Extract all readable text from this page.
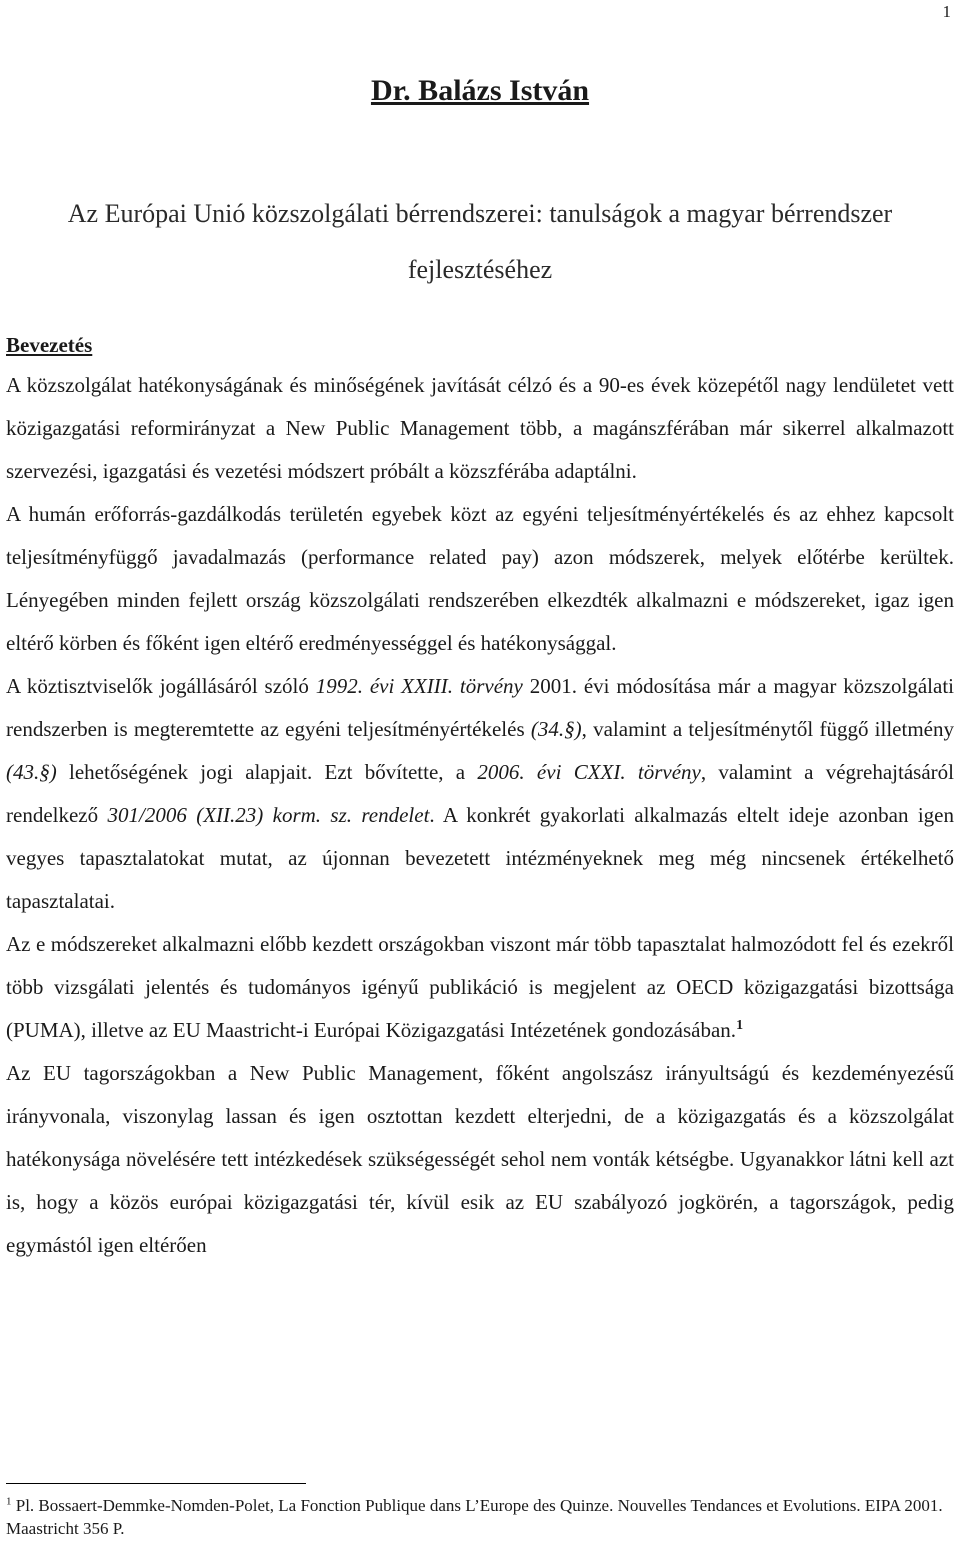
1
Dr. Balázs István
Az Európai Unió közszolgálati bérrendszerei: tanulságok a magyar bérrendszer fejlesztéséhez
Bevezetés

A közszolgálat hatékonyságának és minőségének javítását célzó és a 90-es évek közepétől nagy lendületet vett közigazgatási reformirányzat a New Public Management több, a magánszférában már sikerrel alkalmazott szervezési, igazgatási és vezetési módszert próbált a közszférába adaptálni.

A humán erőforrás-gazdálkodás területén egyebek közt az egyéni teljesítményértékelés és az ehhez kapcsolt teljesítményfüggő javadalmazás (performance related pay) azon módszerek, melyek előtérbe kerültek. Lényegében minden fejlett ország közszolgálati rendszerében elkezdték alkalmazni e módszereket, igaz igen eltérő körben és főként igen eltérő eredményességgel és hatékonysággal.

A köztisztviselők jogállásáról szóló 1992. évi XXIII. törvény 2001. évi módosítása már a magyar közszolgálati rendszerben is megteremtette az egyéni teljesítményértékelés (34.§), valamint a teljesítménytől függő illetmény (43.§) lehetőségének jogi alapjait. Ezt bővítette, a 2006. évi CXXI. törvény, valamint a végrehajtásáról rendelkező 301/2006 (XII.23) korm. sz. rendelet. A konkrét gyakorlati alkalmazás eltelt ideje azonban igen vegyes tapasztalatokat mutat, az újonnan bevezetett intézményeknek meg még nincsenek értékelhető tapasztalatai.

Az e módszereket alkalmazni előbb kezdett országokban viszont már több tapasztalat halmozódott fel és ezekről több vizsgálati jelentés és tudományos igényű publikáció is megjelent az OECD közigazgatási bizottsága (PUMA), illetve az EU Maastricht-i Európai Közigazgatási Intézetének gondozásában.$^1$

Az EU tagországokban a New Public Management, főként angolszász irányultságú és kezdeményezésű irányvonala, viszonylag lassan és igen osztottan kezdett elterjedni, de a közigazgatás és a közszolgálat hatékonysága növelésére tett intézkedések szükségességét sehol nem vonták kétségbe. Ugyanakkor látni kell azt is, hogy a közös európai közigazgatási tér, kívül esik az EU szabályozó jogkörén, a tagországok, pedig egymástól igen eltérően

$^1$ Pl. Bossaert-Demmke-Nomden-Polet, La Fonction Publique dans L’Europe des Quinze. Nouvelles Tendances et Evolutions. EIPA 2001. Maastricht 356 P.
